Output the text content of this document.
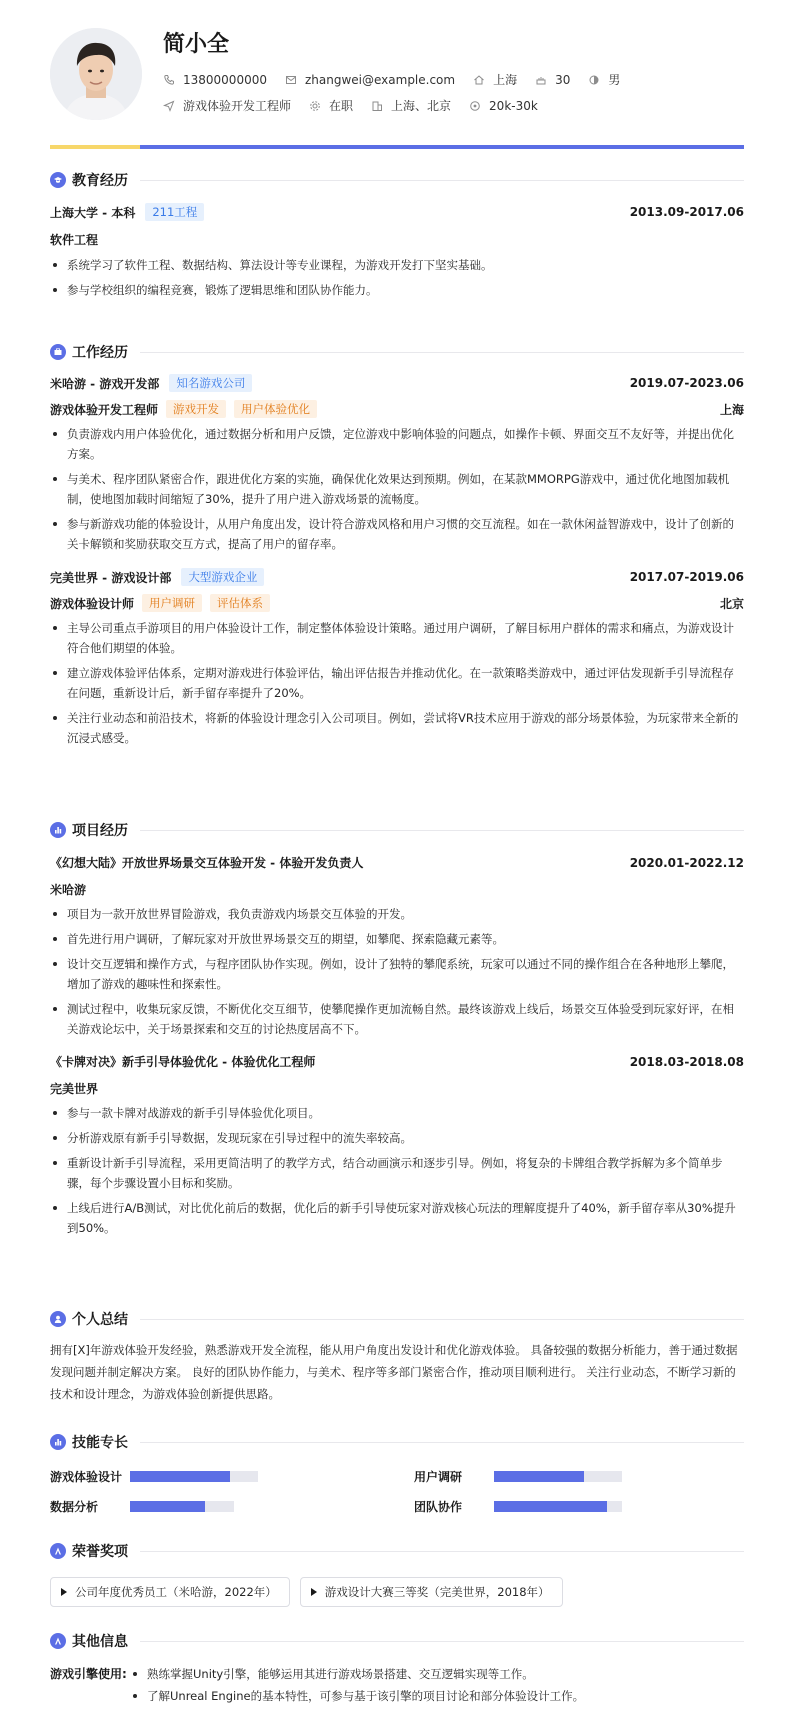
简小全
13800000000	zhangwei@example.com	上海	30	男
游戏体验开发工程师	在职	上海、北京	20k-30k
教育经历
上海大学 - 本科	211工程	2013.09-2017.06
软件工程
系统学习了软件工程、数据结构、算法设计等专业课程，为游戏开发打下坚实基础。
参与学校组织的编程竞赛，锻炼了逻辑思维和团队协作能力。
工作经历
米哈游 - 游戏开发部	知名游戏公司	2019.07-2023.06
游戏体验开发工程师	游戏开发	用户体验优化	上海
负责游戏内用户体验优化，通过数据分析和用户反馈，定位游戏中影响体验的问题点，如操作卡顿、界面交互不友好等，并提出优化方案。
与美术、程序团队紧密合作，跟进优化方案的实施，确保优化效果达到预期。例如，在某款MMORPG游戏中，通过优化地图加载机制，使地图加载时间缩短了30%，提升了用户进入游戏场景的流畅度。
参与新游戏功能的体验设计，从用户角度出发，设计符合游戏风格和用户习惯的交互流程。如在一款休闲益智游戏中，设计了创新的关卡解锁和奖励获取交互方式，提高了用户的留存率。
完美世界 - 游戏设计部	大型游戏企业	2017.07-2019.06
游戏体验设计师	用户调研	评估体系	北京
主导公司重点手游项目的用户体验设计工作，制定整体体验设计策略。通过用户调研，了解目标用户群体的需求和痛点，为游戏设计符合他们期望的体验。
建立游戏体验评估体系，定期对游戏进行体验评估，输出评估报告并推动优化。在一款策略类游戏中，通过评估发现新手引导流程存在问题，重新设计后，新手留存率提升了20%。
关注行业动态和前沿技术，将新的体验设计理念引入公司项目。例如，尝试将VR技术应用于游戏的部分场景体验，为玩家带来全新的沉浸式感受。
项目经历
《幻想大陆》开放世界场景交互体验开发 - 体验开发负责人	2020.01-2022.12
米哈游
项目为一款开放世界冒险游戏，我负责游戏内场景交互体验的开发。
首先进行用户调研，了解玩家对开放世界场景交互的期望，如攀爬、探索隐藏元素等。
设计交互逻辑和操作方式，与程序团队协作实现。例如，设计了独特的攀爬系统，玩家可以通过不同的操作组合在各种地形上攀爬，增加了游戏的趣味性和探索性。
测试过程中，收集玩家反馈，不断优化交互细节，使攀爬操作更加流畅自然。最终该游戏上线后，场景交互体验受到玩家好评，在相关游戏论坛中，关于场景探索和交互的讨论热度居高不下。
《卡牌对决》新手引导体验优化 - 体验优化工程师	2018.03-2018.08
完美世界
参与一款卡牌对战游戏的新手引导体验优化项目。
分析游戏原有新手引导数据，发现玩家在引导过程中的流失率较高。
重新设计新手引导流程，采用更简洁明了的教学方式，结合动画演示和逐步引导。例如，将复杂的卡牌组合教学拆解为多个简单步骤，每个步骤设置小目标和奖励。
上线后进行A/B测试，对比优化前后的数据，优化后的新手引导使玩家对游戏核心玩法的理解度提升了40%，新手留存率从30%提升到50%。
个人总结
拥有[X]年游戏体验开发经验，熟悉游戏开发全流程，能从用户角度出发设计和优化游戏体验。 具备较强的数据分析能力，善于通过数据发现问题并制定解决方案。 良好的团队协作能力，与美术、程序等多部门紧密合作，推动项目顺利进行。 关注行业动态，不断学习新的技术和设计理念，为游戏体验创新提供思路。
技能专长
游戏体验设计	用户调研
数据分析	团队协作
荣誉奖项
公司年度优秀员工（米哈游，2022年）	游戏设计大赛三等奖（完美世界，2018年）
其他信息
游戏引擎使用:	熟练掌握Unity引擎，能够运用其进行游戏场景搭建、交互逻辑实现等工作。
了解Unreal Engine的基本特性，可参与基于该引擎的项目讨论和部分体验设计工作。
